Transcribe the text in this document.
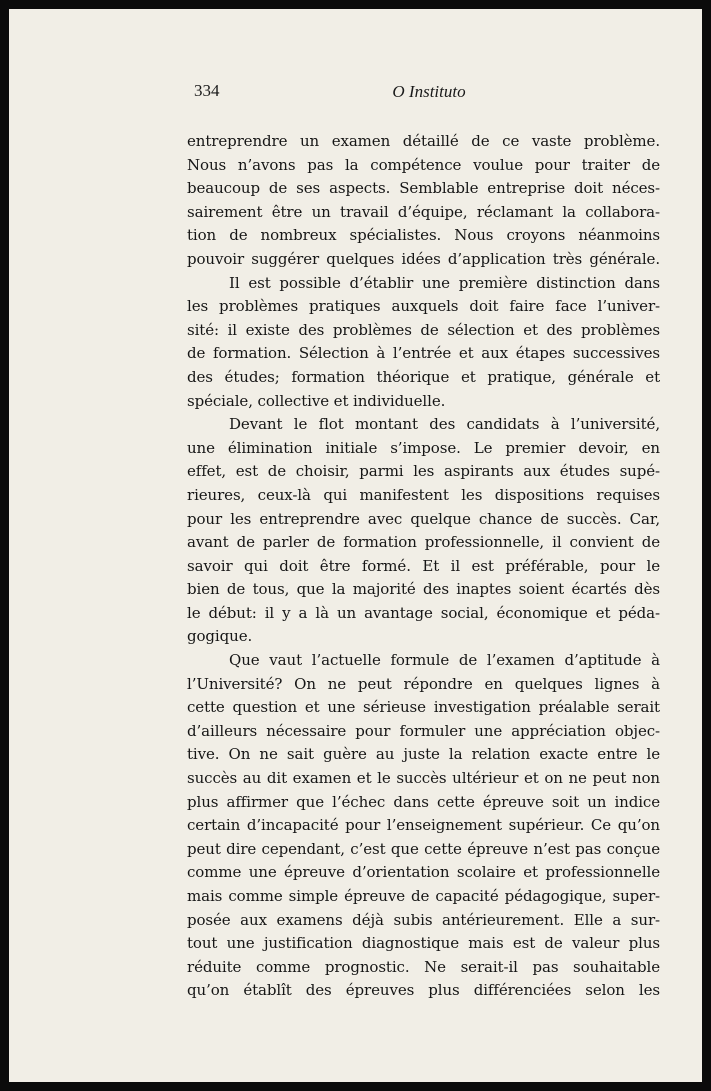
334	O Instituto
entreprendre un examen détaillé de ce vaste problème.
Nous n’avons pas la compétence voulue pour traiter de
beaucoup de ses aspects. Semblable entreprise doit néces-
sairement être un travail d’équipe, réclamant la collabora-
tion de nombreux spécialistes. Nous croyons néanmoins
pouvoir suggérer quelques idées d’application très générale.
Il est possible d’établir une première distinction dans
les problèmes pratiques auxquels doit faire face l’univer-
sité: il existe des problèmes de sélection et des problèmes
de formation. Sélection à l’entrée et aux étapes successives
des études; formation théorique et pratique, générale et
spéciale, collective et individuelle.
Devant le flot montant des candidats à l’université,
une élimination initiale s’impose. Le premier devoir, en
effet, est de choisir, parmi les aspirants aux études supé-
rieures, ceux-là qui manifestent les dispositions requises
pour les entreprendre avec quelque chance de succès. Car,
avant de parler de formation professionnelle, il convient de
savoir qui doit être formé. Et il est préférable, pour le
bien de tous, que la majorité des inaptes soient écartés dès
le début: il y a là un avantage social, économique et péda-
gogique.
Que vaut l’actuelle formule de l’examen d’aptitude à
l’Université? On ne peut répondre en quelques lignes à
cette question et une sérieuse investigation préalable serait
d’ailleurs nécessaire pour formuler une appréciation objec-
tive. On ne sait guère au juste la relation exacte entre le
succès au dit examen et le succès ultérieur et on ne peut non
plus affirmer que l’échec dans cette épreuve soit un indice
certain d’incapacité pour l’enseignement supérieur. Ce qu’on
peut dire cependant, c’est que cette épreuve n’est pas conçue
comme une épreuve d’orientation scolaire et professionnelle
mais comme simple épreuve de capacité pédagogique, super-
posée aux examens déjà subis antérieurement. Elle a sur-
tout une justification diagnostique mais est de valeur plus
réduite comme prognostic. Ne serait-il pas souhaitable
qu’on établît des épreuves plus différenciées selon les
